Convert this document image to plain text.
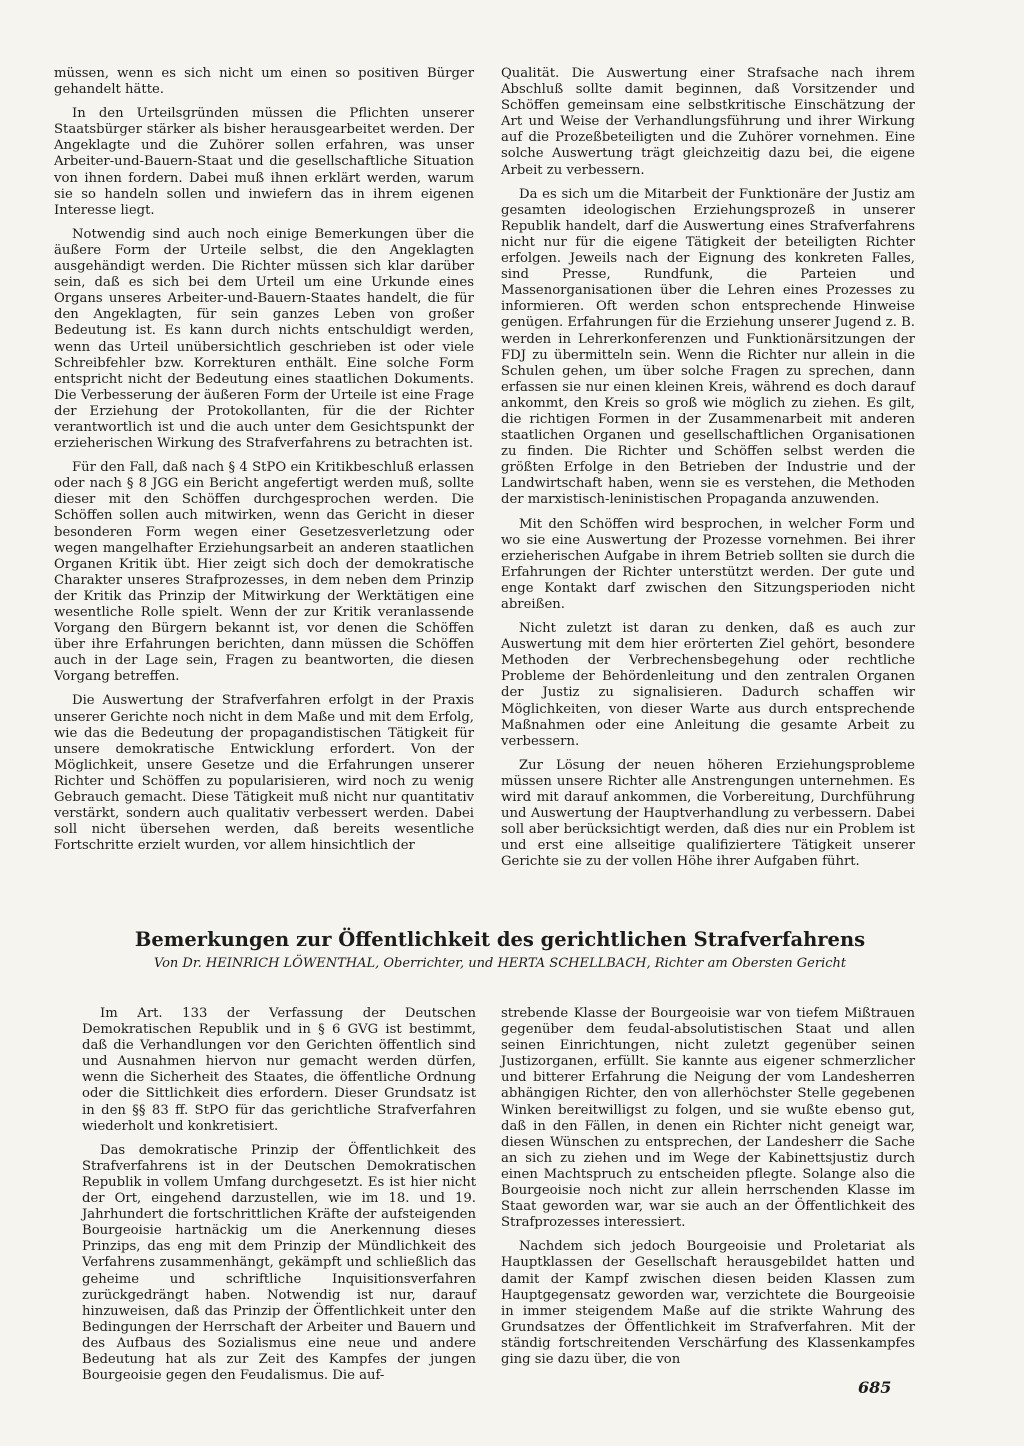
müssen, wenn es sich nicht um einen so positiven Bürger gehandelt hätte.

In den Urteilsgründen müssen die Pflichten unserer Staatsbürger stärker als bisher herausgearbeitet werden. Der Angeklagte und die Zuhörer sollen erfahren, was unser Arbeiter-und-Bauern-Staat und die gesellschaftliche Situation von ihnen fordern. Dabei muß ihnen erklärt werden, warum sie so handeln sollen und inwiefern das in ihrem eigenen Interesse liegt.

Notwendig sind auch noch einige Bemerkungen über die äußere Form der Urteile selbst, die den Angeklagten ausgehändigt werden. Die Richter müssen sich klar darüber sein, daß es sich bei dem Urteil um eine Urkunde eines Organs unseres Arbeiter-und-Bauern-Staates handelt, die für den Angeklagten, für sein ganzes Leben von großer Bedeutung ist. Es kann durch nichts entschuldigt werden, wenn das Urteil unübersichtlich geschrieben ist oder viele Schreibfehler bzw. Korrekturen enthält. Eine solche Form entspricht nicht der Bedeutung eines staatlichen Dokuments. Die Verbesserung der äußeren Form der Urteile ist eine Frage der Erziehung der Protokollanten, für die der Richter verantwortlich ist und die auch unter dem Gesichtspunkt der erzieherischen Wirkung des Strafverfahrens zu betrachten ist.

Für den Fall, daß nach § 4 StPO ein Kritikbeschluß erlassen oder nach § 8 JGG ein Bericht angefertigt werden muß, sollte dieser mit den Schöffen durchgesprochen werden. Die Schöffen sollen auch mitwirken, wenn das Gericht in dieser besonderen Form wegen einer Gesetzesverletzung oder wegen mangelhafter Erziehungsarbeit an anderen staatlichen Organen Kritik übt. Hier zeigt sich doch der demokratische Charakter unseres Strafprozesses, in dem neben dem Prinzip der Kritik das Prinzip der Mitwirkung der Werktätigen eine wesentliche Rolle spielt. Wenn der zur Kritik veranlassende Vorgang den Bürgern bekannt ist, vor denen die Schöffen über ihre Erfahrungen berichten, dann müssen die Schöffen auch in der Lage sein, Fragen zu beantworten, die diesen Vorgang betreffen.

Die Auswertung der Strafverfahren erfolgt in der Praxis unserer Gerichte noch nicht in dem Maße und mit dem Erfolg, wie das die Bedeutung der propagandistischen Tätigkeit für unsere demokratische Entwicklung erfordert. Von der Möglichkeit, unsere Gesetze und die Erfahrungen unserer Richter und Schöffen zu popularisieren, wird noch zu wenig Gebrauch gemacht. Diese Tätigkeit muß nicht nur quantitativ verstärkt, sondern auch qualitativ verbessert werden. Dabei soll nicht übersehen werden, daß bereits wesentliche Fortschritte erzielt wurden, vor allem hinsichtlich der

Qualität. Die Auswertung einer Strafsache nach ihrem Abschluß sollte damit beginnen, daß Vorsitzender und Schöffen gemeinsam eine selbstkritische Einschätzung der Art und Weise der Verhandlungsführung und ihrer Wirkung auf die Prozeßbeteiligten und die Zuhörer vornehmen. Eine solche Auswertung trägt gleichzeitig dazu bei, die eigene Arbeit zu verbessern.

Da es sich um die Mitarbeit der Funktionäre der Justiz am gesamten ideologischen Erziehungsprozeß in unserer Republik handelt, darf die Auswertung eines Strafverfahrens nicht nur für die eigene Tätigkeit der beteiligten Richter erfolgen. Jeweils nach der Eignung des konkreten Falles, sind Presse, Rundfunk, die Parteien und Massenorganisationen über die Lehren eines Prozesses zu informieren. Oft werden schon entsprechende Hinweise genügen. Erfahrungen für die Erziehung unserer Jugend z. B. werden in Lehrerkonferenzen und Funktionärsitzungen der FDJ zu übermitteln sein. Wenn die Richter nur allein in die Schulen gehen, um über solche Fragen zu sprechen, dann erfassen sie nur einen kleinen Kreis, während es doch darauf ankommt, den Kreis so groß wie möglich zu ziehen. Es gilt, die richtigen Formen in der Zusammenarbeit mit anderen staatlichen Organen und gesellschaftlichen Organisationen zu finden. Die Richter und Schöffen selbst werden die größten Erfolge in den Betrieben der Industrie und der Landwirtschaft haben, wenn sie es verstehen, die Methoden der marxistisch-leninistischen Propaganda anzuwenden.

Mit den Schöffen wird besprochen, in welcher Form und wo sie eine Auswertung der Prozesse vornehmen. Bei ihrer erzieherischen Aufgabe in ihrem Betrieb sollten sie durch die Erfahrungen der Richter unterstützt werden. Der gute und enge Kontakt darf zwischen den Sitzungsperioden nicht abreißen.

Nicht zuletzt ist daran zu denken, daß es auch zur Auswertung mit dem hier erörterten Ziel gehört, besondere Methoden der Verbrechensbegehung oder rechtliche Probleme der Behördenleitung und den zentralen Organen der Justiz zu signalisieren. Dadurch schaffen wir Möglichkeiten, von dieser Warte aus durch entsprechende Maßnahmen oder eine Anleitung die gesamte Arbeit zu verbessern.

Zur Lösung der neuen höheren Erziehungsprobleme müssen unsere Richter alle Anstrengungen unternehmen. Es wird mit darauf ankommen, die Vorbereitung, Durchführung und Auswertung der Hauptverhandlung zu verbessern. Dabei soll aber berücksichtigt werden, daß dies nur ein Problem ist und erst eine allseitige qualifiziertere Tätigkeit unserer Gerichte sie zu der vollen Höhe ihrer Aufgaben führt.

Bemerkungen zur Öffentlichkeit des gerichtlichen Strafverfahrens
Von Dr. HEINRICH LÖWENTHAL, Oberrichter, und HERTA SCHELLBACH, Richter am Obersten Gericht

Im Art. 133 der Verfassung der Deutschen Demokratischen Republik und in § 6 GVG ist bestimmt, daß die Verhandlungen vor den Gerichten öffentlich sind und Ausnahmen hiervon nur gemacht werden dürfen, wenn die Sicherheit des Staates, die öffentliche Ordnung oder die Sittlichkeit dies erfordern. Dieser Grundsatz ist in den §§ 83 ff. StPO für das gerichtliche Strafverfahren wiederholt und konkretisiert.

Das demokratische Prinzip der Öffentlichkeit des Strafverfahrens ist in der Deutschen Demokratischen Republik in vollem Umfang durchgesetzt. Es ist hier nicht der Ort, eingehend darzustellen, wie im 18. und 19. Jahrhundert die fortschrittlichen Kräfte der aufsteigenden Bourgeoisie hartnäckig um die Anerkennung dieses Prinzips, das eng mit dem Prinzip der Mündlichkeit des Verfahrens zusammenhängt, gekämpft und schließlich das geheime und schriftliche Inquisitionsverfahren zurückgedrängt haben. Notwendig ist nur, darauf hinzuweisen, daß das Prinzip der Öffentlichkeit unter den Bedingungen der Herrschaft der Arbeiter und Bauern und des Aufbaus des Sozialismus eine neue und andere Bedeutung hat als zur Zeit des Kampfes der jungen Bourgeoisie gegen den Feudalismus. Die auf-

strebende Klasse der Bourgeoisie war von tiefem Mißtrauen gegenüber dem feudal-absolutistischen Staat und allen seinen Einrichtungen, nicht zuletzt gegenüber seinen Justizorganen, erfüllt. Sie kannte aus eigener schmerzlicher und bitterer Erfahrung die Neigung der vom Landesherren abhängigen Richter, den von allerhöchster Stelle gegebenen Winken bereitwilligst zu folgen, und sie wußte ebenso gut, daß in den Fällen, in denen ein Richter nicht geneigt war, diesen Wünschen zu entsprechen, der Landesherr die Sache an sich zu ziehen und im Wege der Kabinettsjustiz durch einen Machtspruch zu entscheiden pflegte. Solange also die Bourgeoisie noch nicht zur allein herrschenden Klasse im Staat geworden war, war sie auch an der Öffentlichkeit des Strafprozesses interessiert.

Nachdem sich jedoch Bourgeoisie und Proletariat als Hauptklassen der Gesellschaft herausgebildet hatten und damit der Kampf zwischen diesen beiden Klassen zum Hauptgegensatz geworden war, verzichtete die Bourgeoisie in immer steigendem Maße auf die strikte Wahrung des Grundsatzes der Öffentlichkeit im Strafverfahren. Mit der ständig fortschreitenden Verschärfung des Klassenkampfes ging sie dazu über, die von

685
